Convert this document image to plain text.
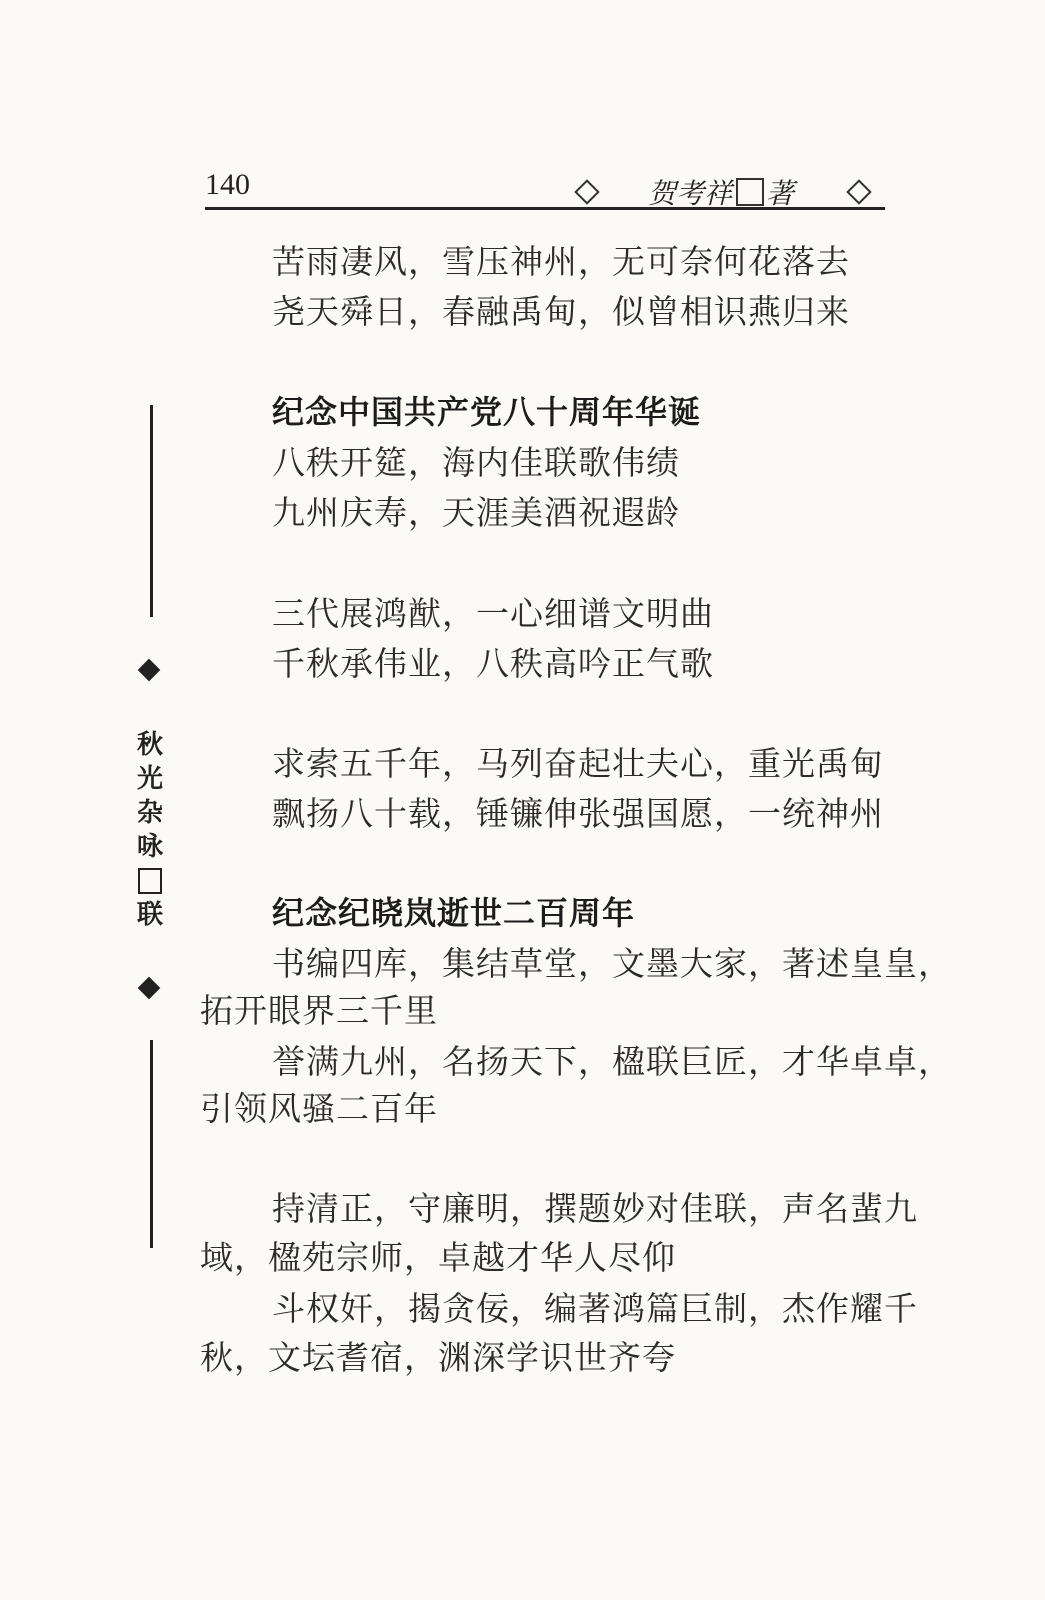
140	贺考祥 著
秋
光
杂
咏
联
苦雨凄风，雪压神州，无可奈何花落去
尧天舜日，春融禹甸，似曾相识燕归来
纪念中国共产党八十周年华诞
八秩开筵，海内佳联歌伟绩
九州庆寿，天涯美酒祝遐龄
三代展鸿猷，一心细谱文明曲
千秋承伟业，八秩高吟正气歌
求索五千年，马列奋起壮夫心，重光禹甸
飘扬八十载，锤镰伸张强国愿，一统神州
纪念纪晓岚逝世二百周年
书编四库，集结草堂，文墨大家，著述皇皇，
拓开眼界三千里
誉满九州，名扬天下，楹联巨匠，才华卓卓，
引领风骚二百年
持清正，守廉明，撰题妙对佳联，声名蜚九
域，楹苑宗师，卓越才华人尽仰
斗权奸，揭贪佞，编著鸿篇巨制，杰作耀千
秋，文坛耆宿，渊深学识世齐夸
